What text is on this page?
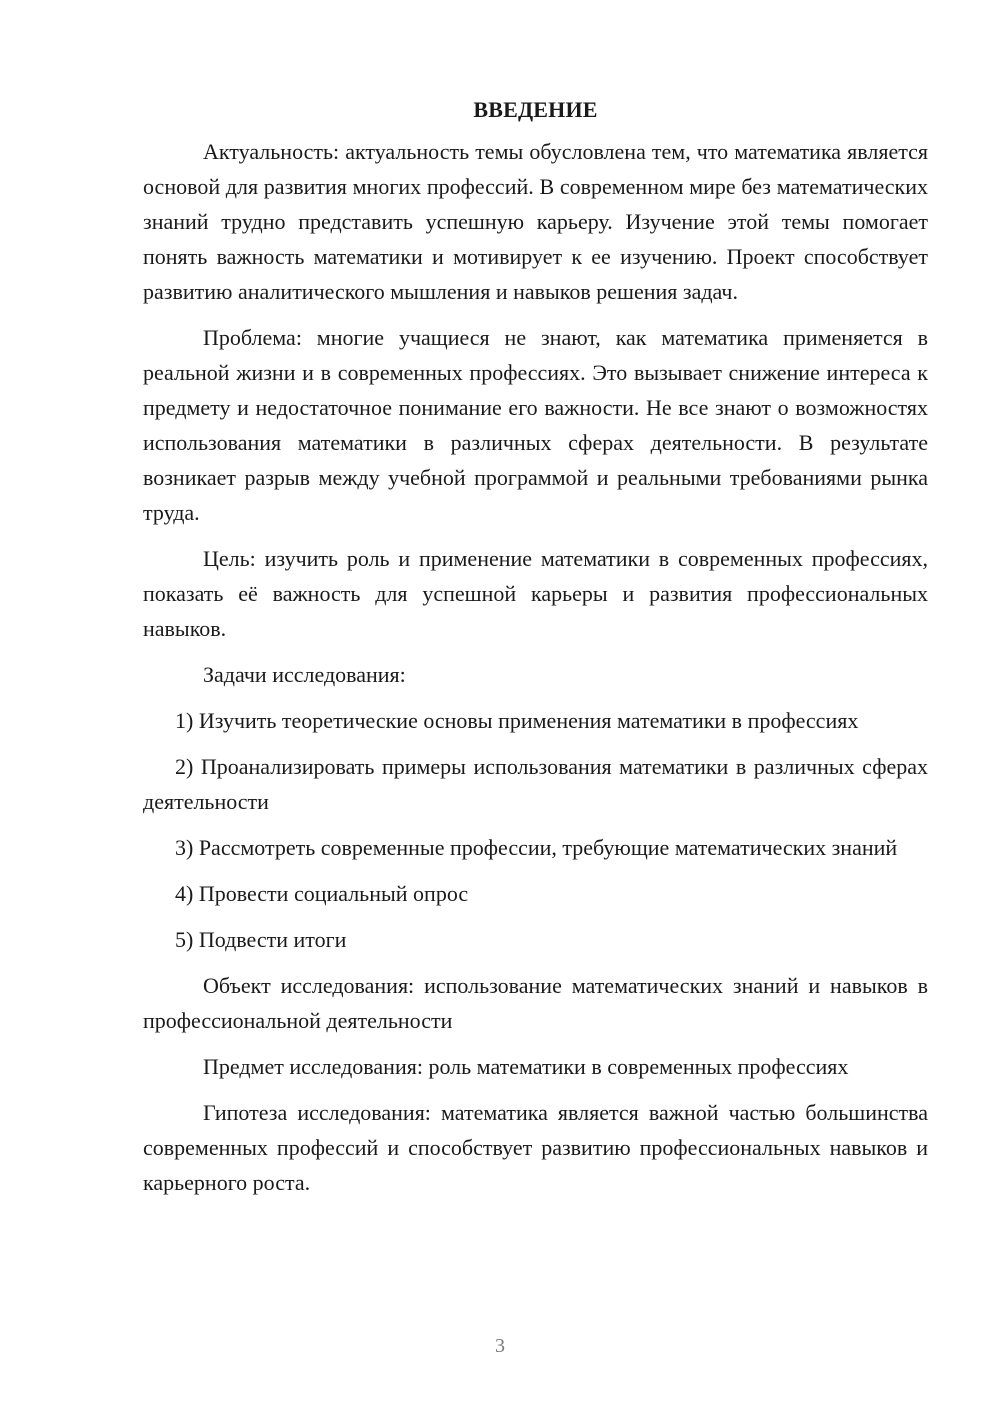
ВВЕДЕНИЕ

Актуальность: актуальность темы обусловлена тем, что математика является основой для развития многих профессий. В современном мире без математических знаний трудно представить успешную карьеру. Изучение этой темы помогает понять важность математики и мотивирует к ее изучению. Проект способствует развитию аналитического мышления и навыков решения задач.

Проблема: многие учащиеся не знают, как математика применяется в реальной жизни и в современных профессиях. Это вызывает снижение интереса к предмету и недостаточное понимание его важности. Не все знают о возможностях использования математики в различных сферах деятельности. В результате возникает разрыв между учебной программой и реальными требованиями рынка труда.

Цель: изучить роль и применение математики в современных профессиях, показать её важность для успешной карьеры и развития профессиональных навыков.

Задачи исследования:

1) Изучить теоретические основы применения математики в профессиях

2) Проанализировать примеры использования математики в различных сферах деятельности

3) Рассмотреть современные профессии, требующие математических знаний

4) Провести социальный опрос

5) Подвести итоги

Объект исследования: использование математических знаний и навыков в профессиональной деятельности

Предмет исследования: роль математики в современных профессиях

Гипотеза исследования: математика является важной частью большинства современных профессий и способствует развитию профессиональных навыков и карьерного роста.

3
